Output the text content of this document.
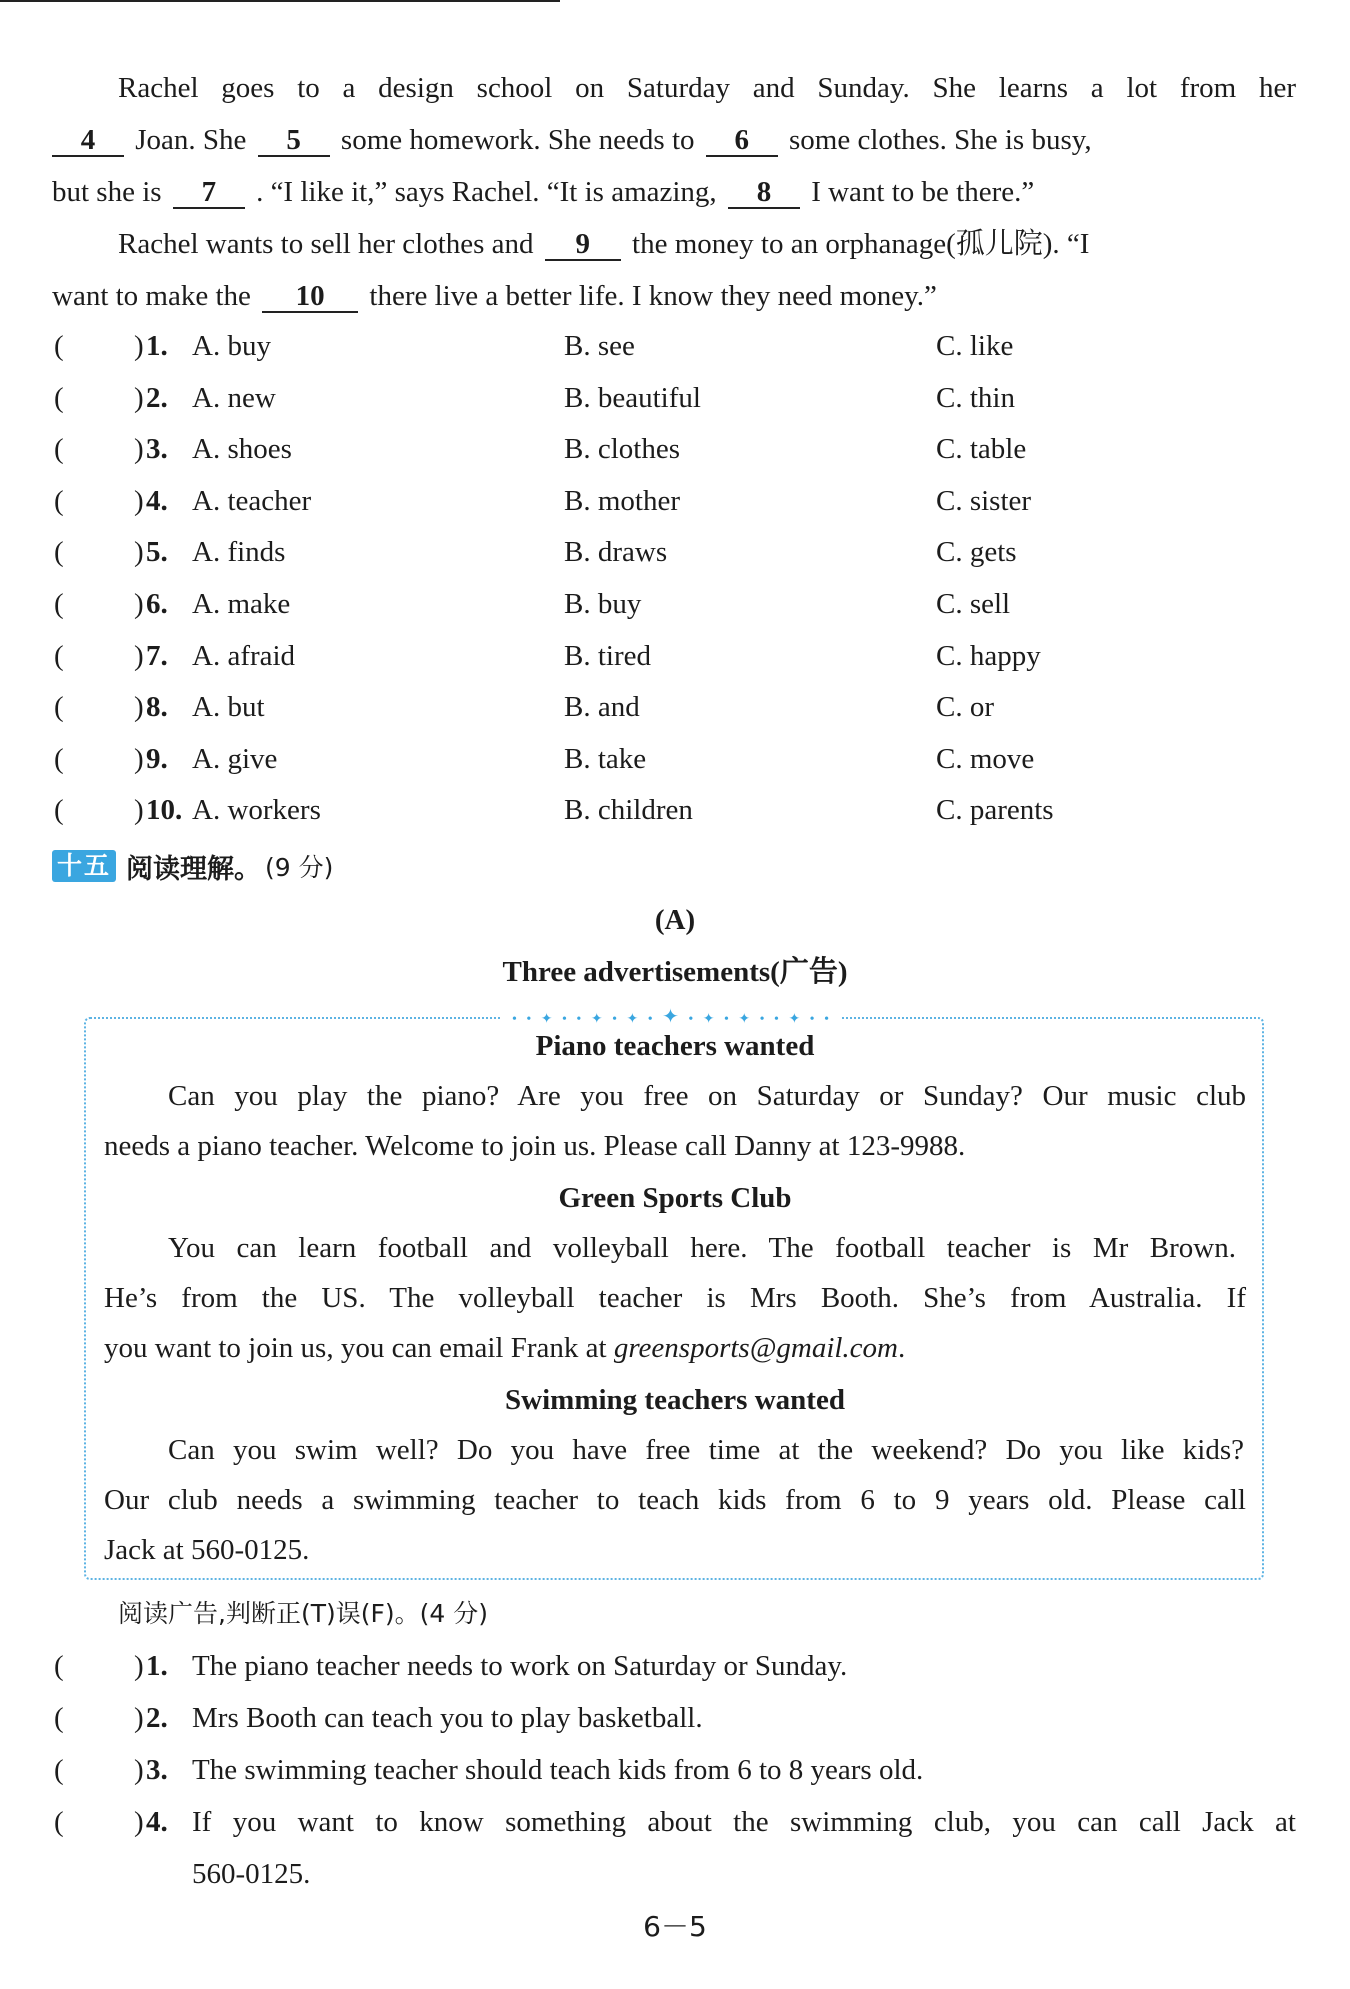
Rachel goes to a design school on Saturday and Sunday. She learns a lot from her
4 Joan. She 5 some homework. She needs to 6 some clothes. She is busy,
but she is 7 . “I like it,” says Rachel. “It is amazing, 8 I want to be there.”
Rachel wants to sell her clothes and 9 the money to an orphanage(孤儿院). “I
want to make the 10 there live a better life. I know they need money.”
( ) 1. A. buy	B. see	C. like
( ) 2. A. new	B. beautiful	C. thin
( ) 3. A. shoes	B. clothes	C. table
( ) 4. A. teacher	B. mother	C. sister
( ) 5. A. finds	B. draws	C. gets
( ) 6. A. make	B. buy	C. sell
( ) 7. A. afraid	B. tired	C. happy
( ) 8. A. but	B. and	C. or
( ) 9. A. give	B. take	C. move
( ) 10. A. workers	B. children	C. parents
十五 阅读理解。 (9 分)
(A)
Three advertisements(广告)
• • ✦ • • ✦ • ✦ • ✦ • ✦ • ✦ • • ✦ • •
Piano teachers wanted
Can you play the piano? Are you free on Saturday or Sunday? Our music club
needs a piano teacher. Welcome to join us. Please call Danny at 123-9988.
Green Sports Club
You can learn football and volleyball here. The football teacher is Mr Brown.
He’s from the US. The volleyball teacher is Mrs Booth. She’s from Australia. If
you want to join us, you can email Frank at greensports@gmail.com.
Swimming teachers wanted
Can you swim well? Do you have free time at the weekend? Do you like kids?
Our club needs a swimming teacher to teach kids from 6 to 9 years old. Please call
Jack at 560-0125.
阅读广告,判断正(T)误(F)。(4 分)
( ) 1. The piano teacher needs to work on Saturday or Sunday.
( ) 2. Mrs Booth can teach you to play basketball.
( ) 3. The swimming teacher should teach kids from 6 to 8 years old.
( ) 4. If you want to know something about the swimming club, you can call Jack at
560-0125.
6－5
